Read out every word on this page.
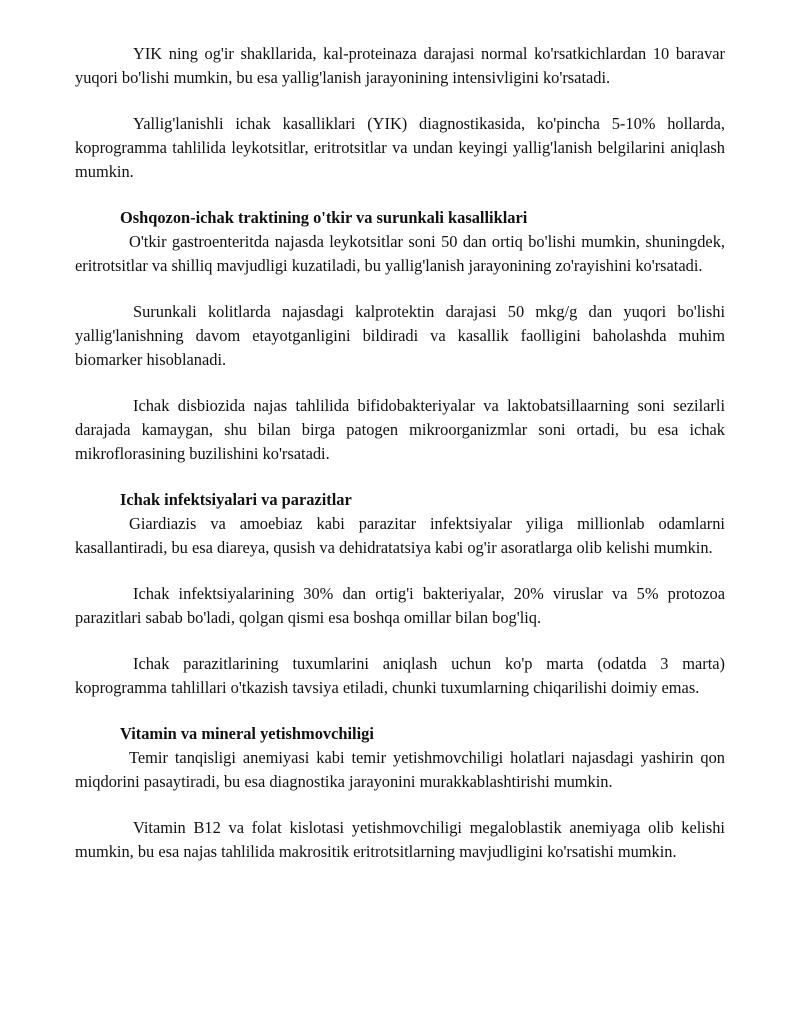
YIK ning og'ir shakllarida, kal-proteinaza darajasi normal ko'rsatkichlardan 10 baravar yuqori bo'lishi mumkin, bu esa yallig'lanish jarayonining intensivligini ko'rsatadi.

Yallig'lanishli ichak kasalliklari (YIK) diagnostikasida, ko'pincha 5-10% hollarda, koprogramma tahlilida leykotsitlar, eritrotsitlar va undan keyingi yallig'lanish belgilarini aniqlash mumkin.

Oshqozon-ichak traktining o'tkir va surunkali kasalliklari

O'tkir gastroenteritda najasda leykotsitlar soni 50 dan ortiq bo'lishi mumkin, shuningdek, eritrotsitlar va shilliq mavjudligi kuzatiladi, bu yallig'lanish jarayonining zo'rayishini ko'rsatadi.

Surunkali kolitlarda najasdagi kalprotektin darajasi 50 mkg/g dan yuqori bo'lishi yallig'lanishning davom etayotganligini bildiradi va kasallik faolligini baholashda muhim biomarker hisoblanadi.

Ichak disbiozida najas tahlilida bifidobakteriyalar va laktobatsillaarning soni sezilarli darajada kamaygan, shu bilan birga patogen mikroorganizmlar soni ortadi, bu esa ichak mikroflorasining buzilishini ko'rsatadi.

Ichak infektsiyalari va parazitlar

Giardiazis va amoebiaz kabi parazitar infektsiyalar yiliga millionlab odamlarni kasallantiradi, bu esa diareya, qusish va dehidratatsiya kabi og'ir asoratlarga olib kelishi mumkin.

Ichak infektsiyalarining 30% dan ortig'i bakteriyalar, 20% viruslar va 5% protozoa parazitlari sabab bo'ladi, qolgan qismi esa boshqa omillar bilan bog'liq.

Ichak parazitlarining tuxumlarini aniqlash uchun ko'p marta (odatda 3 marta) koprogramma tahlillari o'tkazish tavsiya etiladi, chunki tuxumlarning chiqarilishi doimiy emas.

Vitamin va mineral yetishmovchiligi

Temir tanqisligi anemiyasi kabi temir yetishmovchiligi holatlari najasdagi yashirin qon miqdorini pasaytiradi, bu esa diagnostika jarayonini murakkablashtirishi mumkin.

Vitamin B12 va folat kislotasi yetishmovchiligi megaloblastik anemiyaga olib kelishi mumkin, bu esa najas tahlilida makrositik eritrotsitlarning mavjudligini ko'rsatishi mumkin.
